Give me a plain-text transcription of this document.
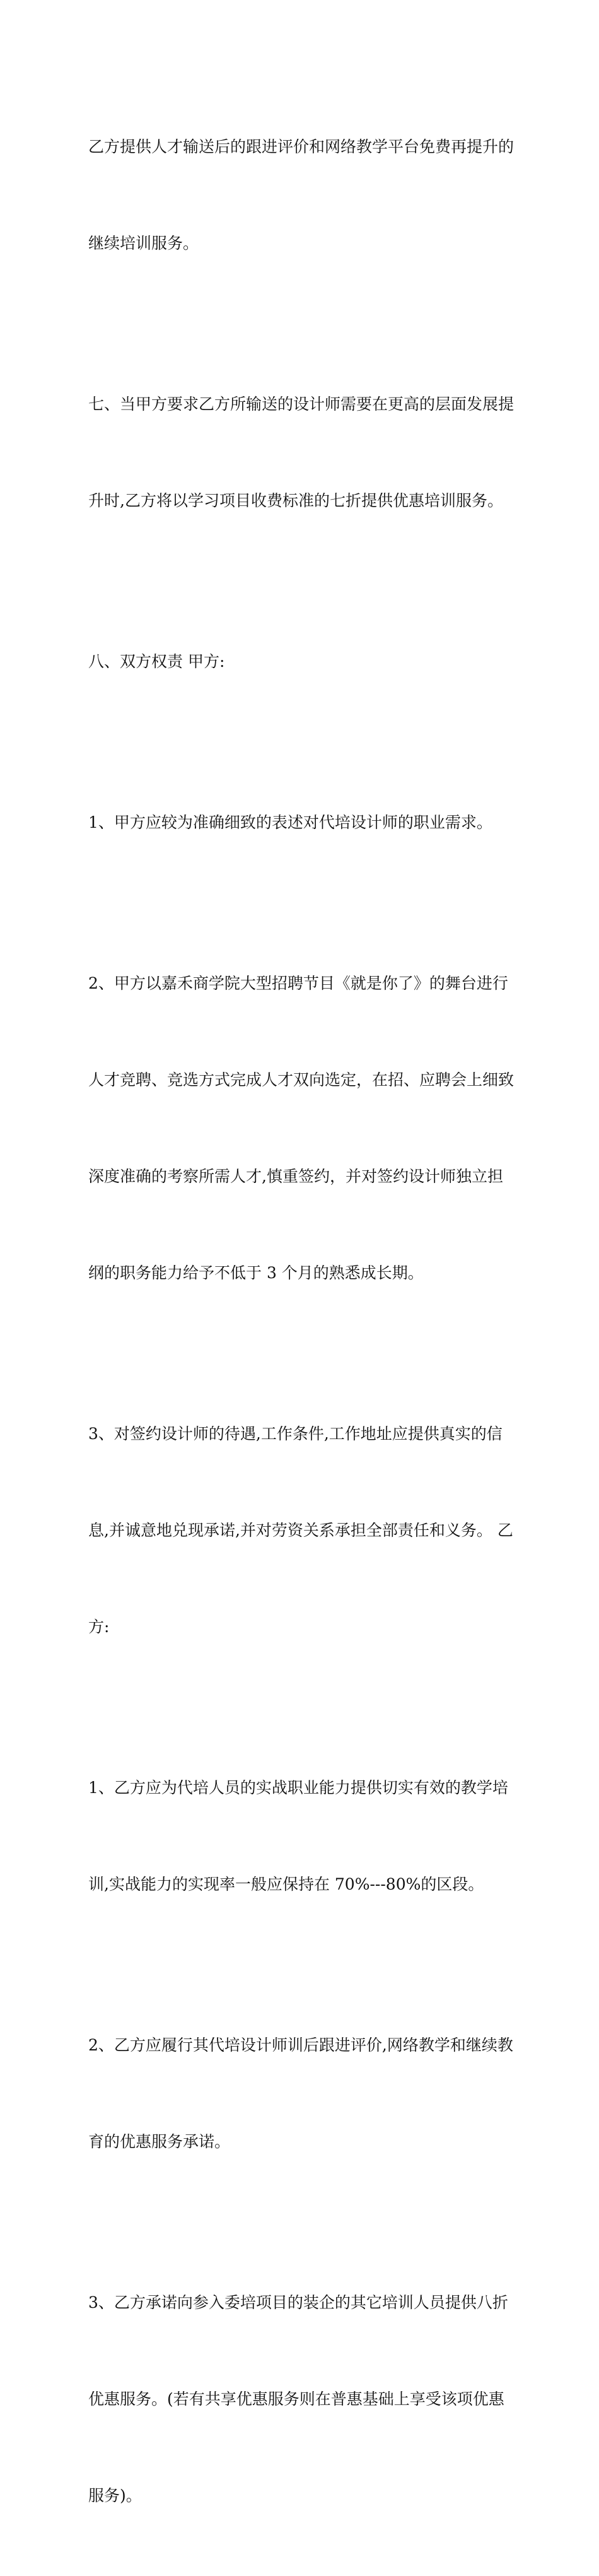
乙方提供人才输送后的跟进评价和网络教学平台免费再提升的

继续培训服务。

七、当甲方要求乙方所输送的设计师需要在更高的层面发展提

升时,乙方将以学习项目收费标准的七折提供优惠培训服务。

八、双方权责 甲方:

1、甲方应较为准确细致的表述对代培设计师的职业需求。

2、甲方以嘉禾商学院大型招聘节目《就是你了》的舞台进行

人才竞聘、竞选方式完成人才双向选定，在招、应聘会上细致

深度准确的考察所需人才,慎重签约，并对签约设计师独立担

纲的职务能力给予不低于 3 个月的熟悉成长期。

3、对签约设计师的待遇,工作条件,工作地址应提供真实的信

息,并诚意地兑现承诺,并对劳资关系承担全部责任和义务。 乙

方:

1、乙方应为代培人员的实战职业能力提供切实有效的教学培

训,实战能力的实现率一般应保持在 70%---80%的区段。

2、乙方应履行其代培设计师训后跟进评价,网络教学和继续教

育的优惠服务承诺。

3、乙方承诺向参入委培项目的装企的其它培训人员提供八折

优惠服务。(若有共享优惠服务则在普惠基础上享受该项优惠

服务)。
